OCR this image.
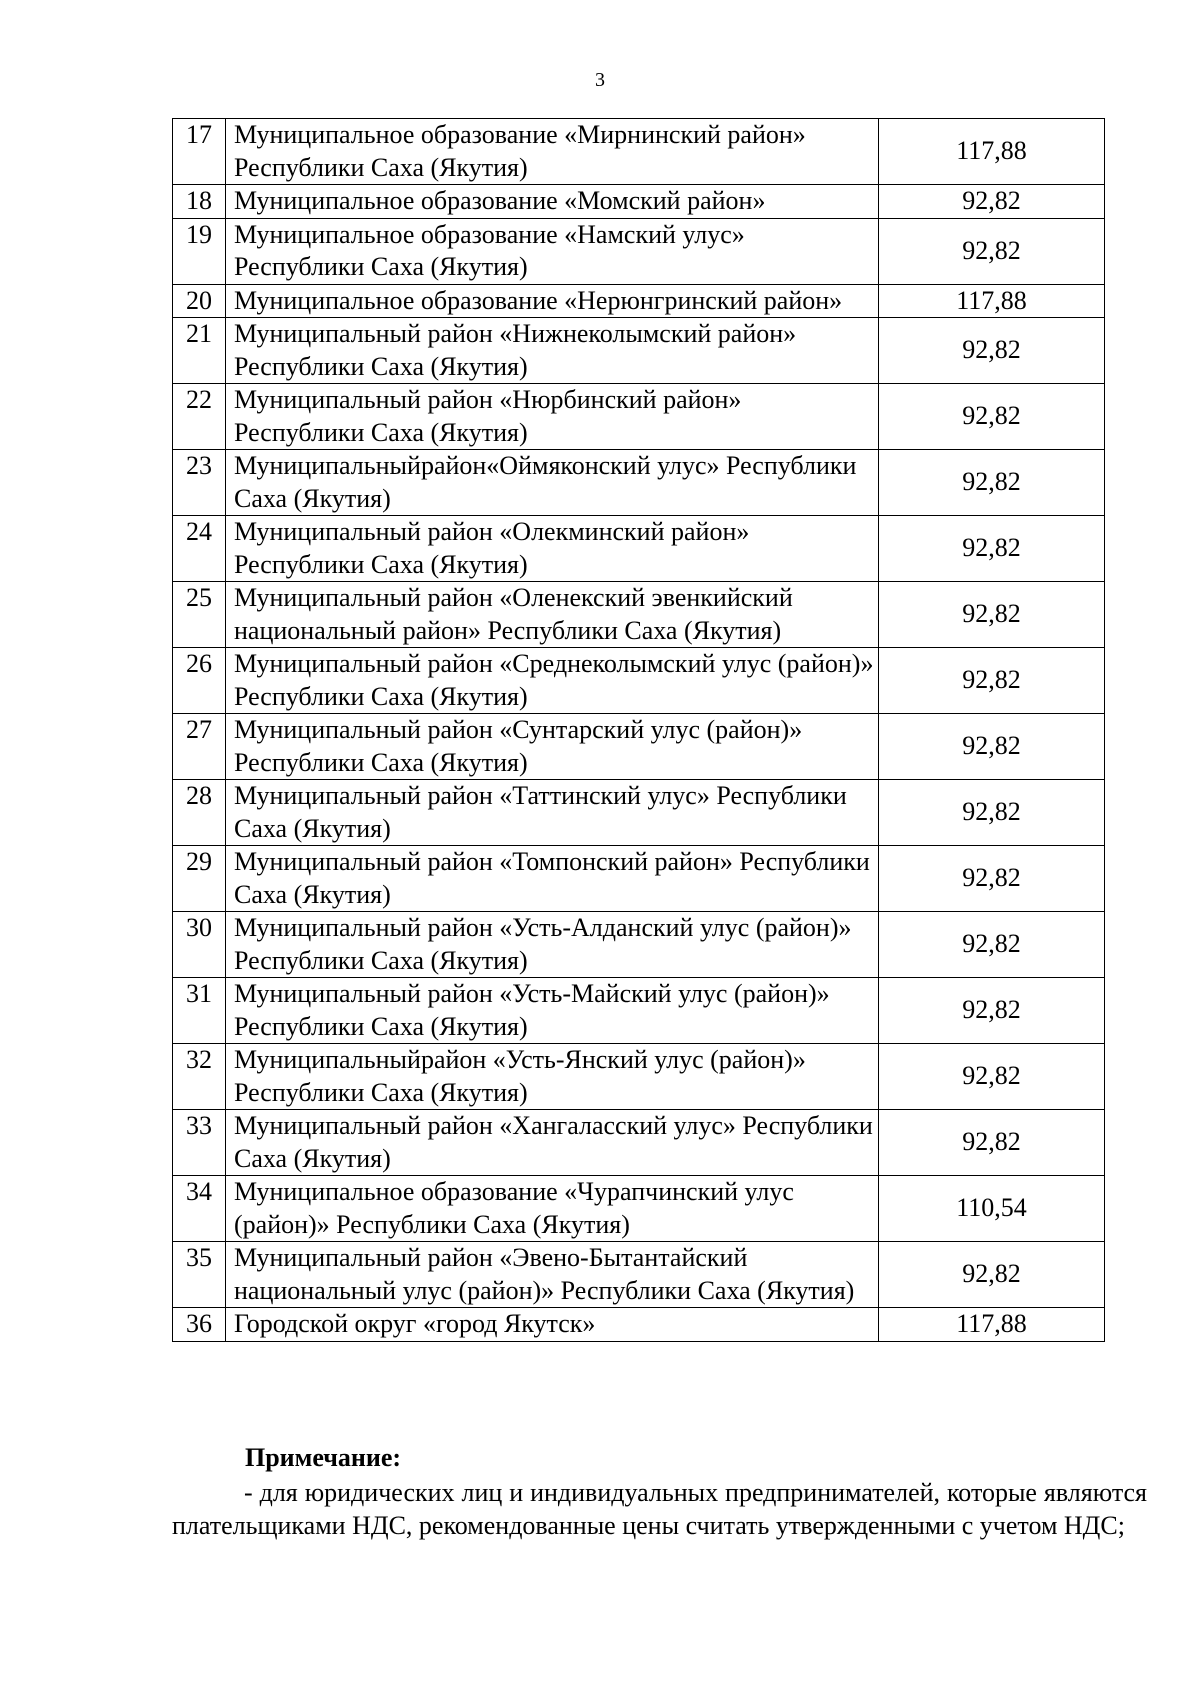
3
17	Муниципальное образование «Мирнинский район» Республики Саха (Якутия)	117,88
18	Муниципальное образование «Момский район»	92,82
19	Муниципальное образование «Намский улус» Республики Саха (Якутия)	92,82
20	Муниципальное образование «Нерюнгринский район»	117,88
21	Муниципальный район «Нижнеколымский район» Республики Саха (Якутия)	92,82
22	Муниципальный район «Нюрбинский район» Республики Саха (Якутия)	92,82
23	Муниципальныйрайон«Оймяконский улус» Республики Саха (Якутия)	92,82
24	Муниципальный район «Олекминский район» Республики Саха (Якутия)	92,82
25	Муниципальный район «Оленекский эвенкийский национальный район» Республики Саха (Якутия)	92,82
26	Муниципальный район «Среднеколымский улус (район)» Республики Саха (Якутия)	92,82
27	Муниципальный район «Сунтарский улус (район)» Республики Саха (Якутия)	92,82
28	Муниципальный район «Таттинский улус» Республики Саха (Якутия)	92,82
29	Муниципальный район «Томпонский район» Республики Саха (Якутия)	92,82
30	Муниципальный район «Усть-Алданский улус (район)» Республики Саха (Якутия)	92,82
31	Муниципальный район «Усть-Майский улус (район)» Республики Саха (Якутия)	92,82
32	Муниципальныйрайон «Усть-Янский улус (район)» Республики Саха (Якутия)	92,82
33	Муниципальный район «Хангаласский улус» Республики Саха (Якутия)	92,82
34	Муниципальное образование «Чурапчинский улус (район)» Республики Саха (Якутия)	110,54
35	Муниципальный район «Эвено-Бытантайский национальный улус (район)» Республики Саха (Якутия)	92,82
36	Городской округ «город Якутск»	117,88
Примечание:

- для юридических лиц и индивидуальных предпринимателей, которые являются плательщиками НДС, рекомендованные цены считать утвержденными с учетом НДС;
